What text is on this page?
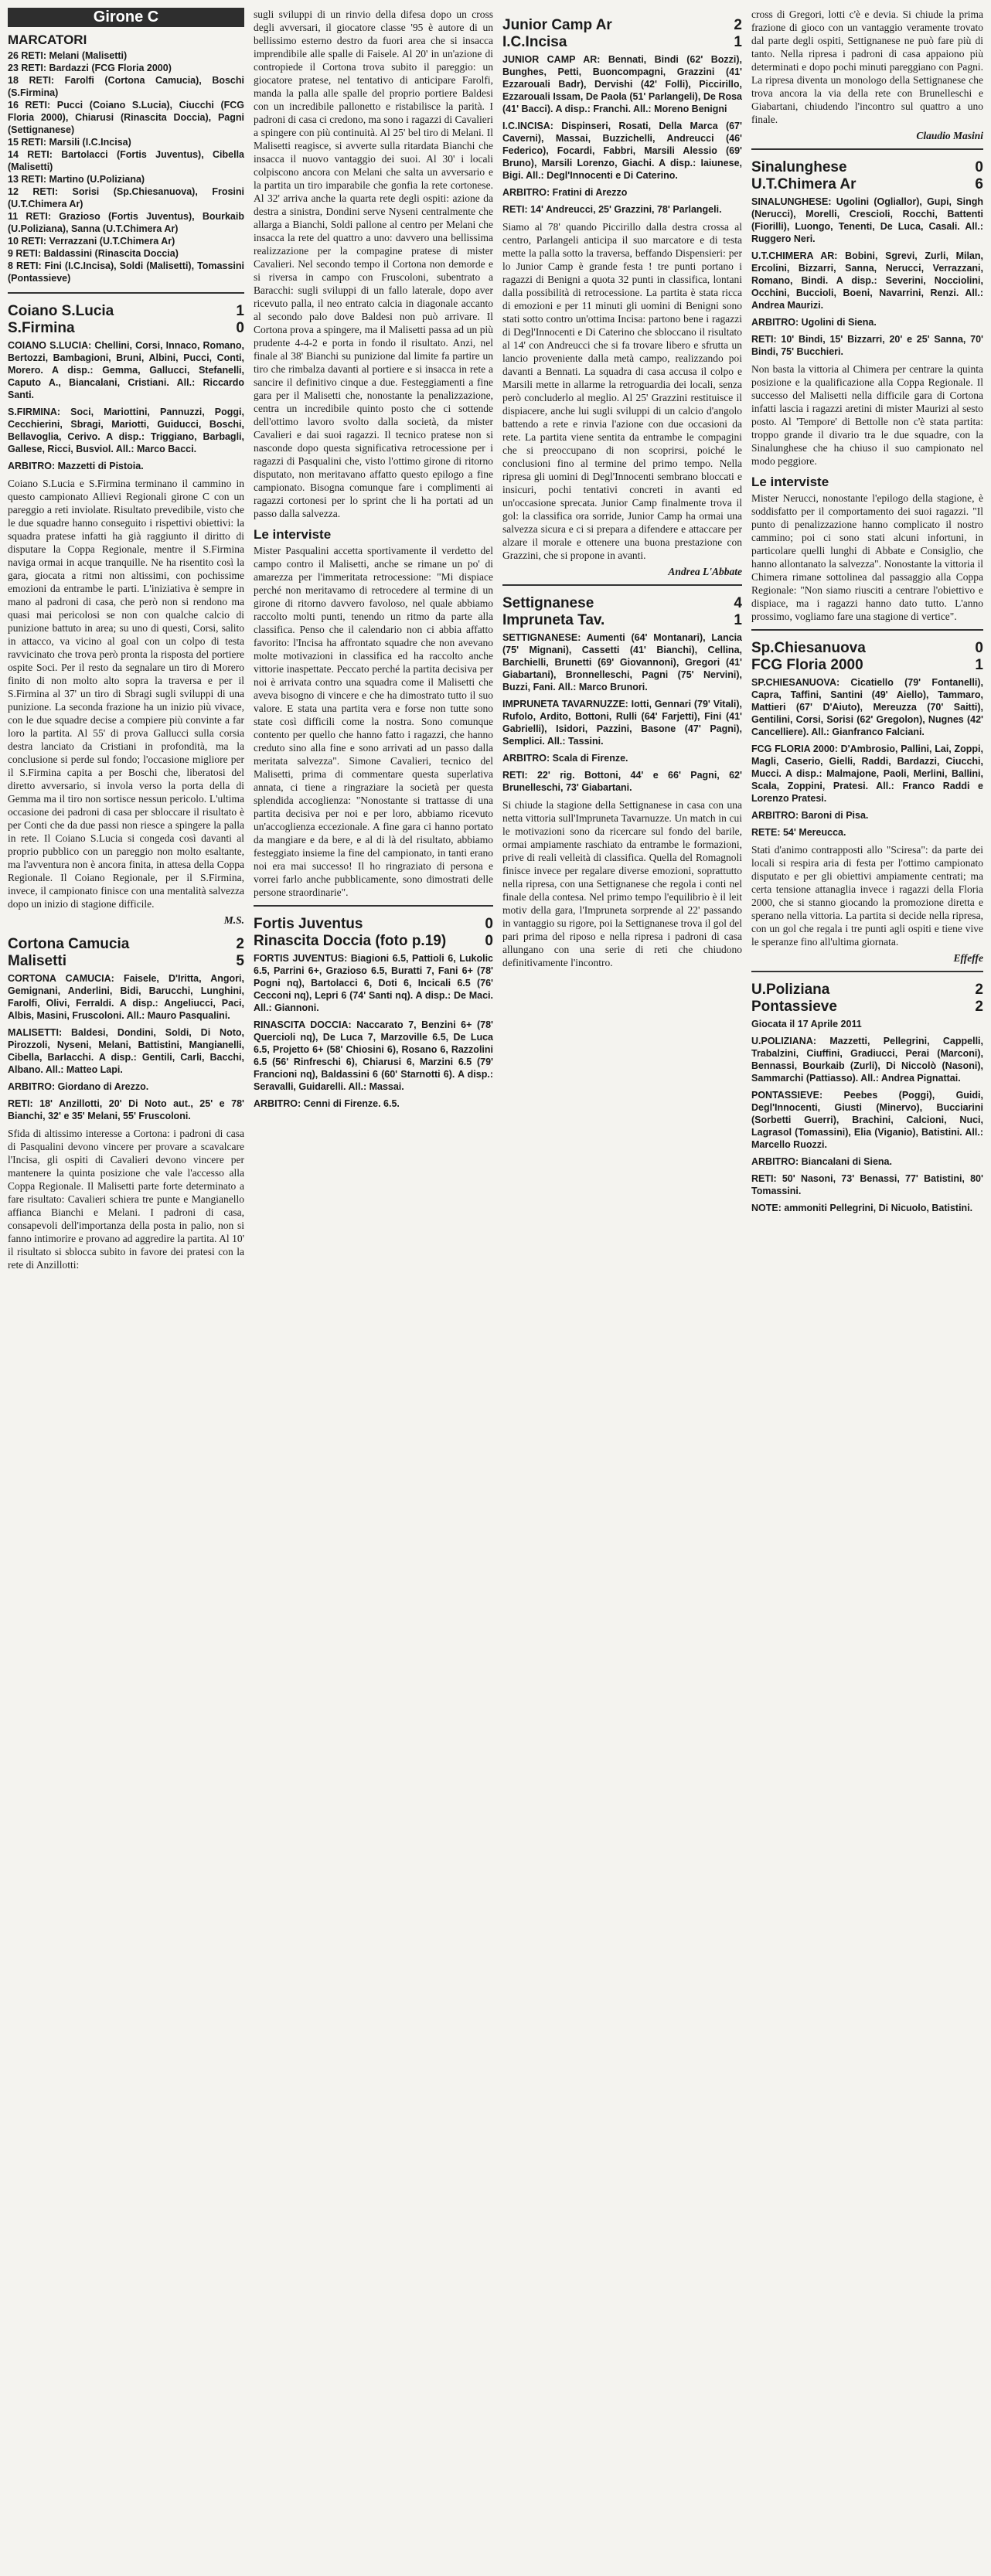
Girone C
MARCATORI

26 RETI: Melani (Malisetti)

23 RETI: Bardazzi (FCG Floria 2000)

18 RETI: Farolfi (Cortona Camucia), Boschi (S.Firmina)

16 RETI: Pucci (Coiano S.Lucia), Ciucchi (FCG Floria 2000), Chiarusi (Rinascita Doccia), Pagni (Settignanese)

15 RETI: Marsili (I.C.Incisa)

14 RETI: Bartolacci (Fortis Juventus), Cibella (Malisetti)

13 RETI: Martino (U.Poliziana)

12 RETI: Sorisi (Sp.Chiesanuova), Frosini (U.T.Chimera Ar)

11 RETI: Grazioso (Fortis Juventus), Bourkaib (U.Poliziana), Sanna (U.T.Chimera Ar)

10 RETI: Verrazzani (U.T.Chimera Ar)

9 RETI: Baldassini (Rinascita Doccia)

8 RETI: Fini (I.C.Incisa), Soldi (Malisetti), Tomassini (Pontassieve)

Coiano S.Lucia	1
S.Firmina	0
COIANO S.LUCIA: Chellini, Corsi, Innaco, Romano, Bertozzi, Bambagioni, Bruni, Albini, Pucci, Conti, Morero. A disp.: Gemma, Gallucci, Stefanelli, Caputo A., Biancalani, Cristiani. All.: Riccardo Santi.
S.FIRMINA: Soci, Mariottini, Pannuzzi, Poggi, Cecchierini, Sbragi, Mariotti, Guiducci, Boschi, Bellavoglia, Cerivo. A disp.: Triggiano, Barbagli, Gallese, Ricci, Busviol. All.: Marco Bacci.
ARBITRO: Mazzetti di Pistoia.

Coiano S.Lucia e S.Firmina terminano il cammino in questo campionato Allievi Regionali girone C con un pareggio a reti inviolate. Risultato prevedibile, visto che le due squadre hanno conseguito i rispettivi obiettivi: la squadra pratese infatti ha già raggiunto il diritto di disputare la Coppa Regionale, mentre il S.Firmina naviga ormai in acque tranquille. Ne ha risentito così la gara, giocata a ritmi non altissimi, con pochissime emozioni da entrambe le parti. L'iniziativa è sempre in mano al padroni di casa, che però non si rendono ma quasi mai pericolosi se non con qualche calcio di punizione battuto in area; su uno di questi, Corsi, salito in attacco, va vicino al goal con un colpo di testa ravvicinato che trova però pronta la risposta del portiere ospite Soci. Per il resto da segnalare un tiro di Morero finito di non molto alto sopra la traversa e per il S.Firmina al 37' un tiro di Sbragi sugli sviluppi di una punizione. La seconda frazione ha un inizio più vivace, con le due squadre decise a compiere più convinte a far loro la partita. Al 55' di prova Gallucci sulla corsia destra lanciato da Cristiani in profondità, ma la conclusione si perde sul fondo; l'occasione migliore per il S.Firmina capita a per Boschi che, liberatosi del diretto avversario, si invola verso la porta della di Gemma ma il tiro non sortisce nessun pericolo. L'ultima occasione dei padroni di casa per sbloccare il risultato è per Conti che da due passi non riesce a spingere la palla in rete. Il Coiano S.Lucia si congeda così davanti al proprio pubblico con un pareggio non molto esaltante, ma l'avventura non è ancora finita, in attesa della Coppa Regionale. Il Coiano Regionale, per il S.Firmina, invece, il campionato finisce con una mentalità salvezza dopo un inizio di stagione difficile.

M.S.
Cortona Camucia	2
Malisetti	5
CORTONA CAMUCIA: Faisele, D'Iritta, Angori, Gemignani, Anderlini, Bidi, Barucchi, Lunghini, Farolfi, Olivi, Ferraldi. A disp.: Angeliucci, Paci, Albis, Masini, Fruscoloni. All.: Mauro Pasqualini.
MALISETTI: Baldesi, Dondini, Soldi, Di Noto, Pirozzoli, Nyseni, Melani, Battistini, Mangianelli, Cibella, Barlacchi. A disp.: Gentili, Carli, Bacchi, Albano. All.: Matteo Lapi.
ARBITRO: Giordano di Arezzo.
RETI: 18' Anzillotti, 20' Di Noto aut., 25' e 78' Bianchi, 32' e 35' Melani, 55' Fruscoloni.

Sfida di altissimo interesse a Cortona: i padroni di casa di Pasqualini devono vincere per provare a scavalcare l'Incisa, gli ospiti di Cavalieri devono vincere per mantenere la quinta posizione che vale l'accesso alla Coppa Regionale. Il Malisetti parte forte determinato a fare risultato: Cavalieri schiera tre punte e Mangianello affianca Bianchi e Melani. I padroni di casa, consapevoli dell'importanza della posta in palio, non si fanno intimorire e provano ad aggredire la partita. Al 10' il risultato si sblocca subito in favore dei pratesi con la rete di Anzillotti:

sugli sviluppi di un rinvio della difesa dopo un cross degli avversari, il giocatore classe '95 è autore di un bellissimo esterno destro da fuori area che si insacca imprendibile alle spalle di Faisele. Al 20' in un'azione di contropiede il Cortona trova subito il pareggio: un giocatore pratese, nel tentativo di anticipare Farolfi, manda la palla alle spalle del proprio portiere Baldesi con un incredibile pallonetto e ristabilisce la parità. I padroni di casa ci credono, ma sono i ragazzi di Cavalieri a spingere con più continuità. Al 25' bel tiro di Melani. Il Malisetti reagisce, si avverte sulla ritardata Bianchi che insacca il nuovo vantaggio dei suoi. Al 30' i locali colpiscono ancora con Melani che salta un avversario e la partita un tiro imparabile che gonfia la rete cortonese. Al 32' arriva anche la quarta rete degli ospiti: azione da destra a sinistra, Dondini serve Nyseni centralmente che allarga a Bianchi, Soldi pallone al centro per Melani che insacca la rete del quattro a uno: davvero una bellissima realizzazione per la compagine pratese di mister Cavalieri. Nel secondo tempo il Cortona non demorde e si riversa in campo con Fruscoloni, subentrato a Baracchi: sugli sviluppi di un fallo laterale, dopo aver ricevuto palla, il neo entrato calcia in diagonale accanto al secondo palo dove Baldesi non può arrivare. Il Cortona prova a spingere, ma il Malisetti passa ad un più prudente 4-4-2 e porta in fondo il risultato. Anzi, nel finale al 38' Bianchi su punizione dal limite fa partire un tiro che rimbalza davanti al portiere e si insacca in rete a sancire il definitivo cinque a due. Festeggiamenti a fine gara per il Malisetti che, nonostante la penalizzazione, centra un incredibile quinto posto che ci sottende dell'ottimo lavoro svolto dalla società, da mister Cavalieri e dai suoi ragazzi. Il tecnico pratese non si nasconde dopo questa significativa retrocessione per i ragazzi di Pasqualini che, visto l'ottimo girone di ritorno disputato, non meritavano affatto questo epilogo a fine campionato. Bisogna comunque fare i complimenti ai ragazzi cortonesi per lo sprint che li ha portati ad un passo dalla salvezza.

Le interviste

Mister Pasqualini accetta sportivamente il verdetto del campo contro il Malisetti, anche se rimane un po' di amarezza per l'immeritata retrocessione: "Mi dispiace perché non meritavamo di retrocedere al termine di un girone di ritorno davvero favoloso, nel quale abbiamo raccolto molti punti, tenendo un ritmo da parte alla classifica. Penso che il calendario non ci abbia affatto favorito: l'Incisa ha affrontato squadre che non avevano molte motivazioni in classifica ed ha raccolto anche vittorie inaspettate. Peccato perché la partita decisiva per noi è arrivata contro una squadra come il Malisetti che aveva bisogno di vincere e che ha dimostrato tutto il suo valore. E stata una partita vera e forse non tutte sono state così difficili come la nostra. Sono comunque contento per quello che hanno fatto i ragazzi, che hanno creduto sino alla fine e sono arrivati ad un passo dalla meritata salvezza". Simone Cavalieri, tecnico del Malisetti, prima di commentare questa superlativa annata, ci tiene a ringraziare la società per questa splendida accoglienza: "Nonostante si trattasse di una partita decisiva per noi e per loro, abbiamo ricevuto un'accoglienza eccezionale. A fine gara ci hanno portato da mangiare e da bere, e al di là del risultato, abbiamo festeggiato insieme la fine del campionato, in tanti erano noi era mai successo! Il ho ringraziato di persona e vorrei farlo anche pubblicamente, sono dimostrati delle persone straordinarie".

Fortis Juventus	0
Rinascita Doccia (foto p.19)	0
FORTIS JUVENTUS: Biagioni 6.5, Pattioli 6, Lukolic 6.5, Parrini 6+, Grazioso 6.5, Buratti 7, Fani 6+ (78' Pogni nq), Bartolacci 6, Doti 6, Incicali 6.5 (76' Cecconi nq), Lepri 6 (74' Santi nq). A disp.: De Maci. All.: Giannoni.
RINASCITA DOCCIA: Naccarato 7, Benzini 6+ (78' Quercioli nq), De Luca 7, Marzoville 6.5, De Luca 6.5, Projetto 6+ (58' Chiosini 6), Rosano 6, Razzolini 6.5 (56' Rinfreschi 6), Chiarusi 6, Marzini 6.5 (79' Francioni nq), Baldassini 6 (60' Starnotti 6). A disp.: Seravalli, Guidarelli. All.: Massai.
ARBITRO: Cenni di Firenze. 6.5.
Junior Camp Ar	2
I.C.Incisa	1
JUNIOR CAMP AR: Bennati, Bindi (62' Bozzi), Bunghes, Petti, Buoncompagni, Grazzini (41' Ezzarouali Badr), Dervishi (42' Folli), Piccirillo, Ezzarouali Issam, De Paola (51' Parlangeli), De Rosa (41' Bacci). A disp.: Franchi. All.: Moreno Benigni
I.C.INCISA: Dispinseri, Rosati, Della Marca (67' Caverni), Massai, Buzzichelli, Andreucci (46' Federico), Focardi, Fabbri, Marsili Alessio (69' Bruno), Marsili Lorenzo, Giachi. A disp.: Iaiunese, Bigi. All.: Degl'Innocenti e Di Caterino.
ARBITRO: Fratini di Arezzo
RETI: 14' Andreucci, 25' Grazzini, 78' Parlangeli.

Siamo al 78' quando Piccirillo dalla destra crossa al centro, Parlangeli anticipa il suo marcatore e di testa mette la palla sotto la traversa, beffando Dispensieri: per lo Junior Camp è grande festa ! tre punti portano i ragazzi di Benigni a quota 32 punti in classifica, lontani dalla possibilità di retrocessione. La partita è stata ricca di emozioni e per 11 minuti gli uomini di Benigni sono stati sotto contro un'ottima Incisa: partono bene i ragazzi di Degl'Innocenti e Di Caterino che sbloccano il risultato al 14' con Andreucci che si fa trovare libero e sfrutta un lancio proveniente dalla metà campo, realizzando poi davanti a Bennati. La squadra di casa accusa il colpo e Marsili mette in allarme la retroguardia dei locali, senza però concluderlo al meglio. Al 25' Grazzini restituisce il dispiacere, anche lui sugli sviluppi di un calcio d'angolo battendo a rete e rinvia l'azione con due occasioni da rete. La partita viene sentita da entrambe le compagini che si preoccupano di non scoprirsi, poiché le conclusioni fino al termine del primo tempo. Nella ripresa gli uomini di Degl'Innocenti sembrano bloccati e insicuri, pochi tentativi concreti in avanti ed un'occasione sprecata. Junior Camp finalmente trova il gol: la classifica ora sorride, Junior Camp ha ormai una salvezza sicura e ci si prepara a difendere e attaccare per alzare il morale e ottenere una buona prestazione con Grazzini, che si propone in avanti.

Andrea L'Abbate
Settignanese	4
Impruneta Tav.	1
SETTIGNANESE: Aumenti (64' Montanari), Lancia (75' Mignani), Cassetti (41' Bianchi), Cellina, Barchielli, Brunetti (69' Giovannoni), Gregori (41' Giabartani), Bronnelleschi, Pagni (75' Nervini), Buzzi, Fani. All.: Marco Brunori.
IMPRUNETA TAVARNUZZE: Iotti, Gennari (79' Vitali), Rufolo, Ardito, Bottoni, Rulli (64' Farjetti), Fini (41' Gabrielli), Isidori, Pazzini, Basone (47' Pagni), Semplici. All.: Tassini.
ARBITRO: Scala di Firenze.
RETI: 22' rig. Bottoni, 44' e 66' Pagni, 62' Brunelleschi, 73' Giabartani.

Si chiude la stagione della Settignanese in casa con una netta vittoria sull'Impruneta Tavarnuzze. Un match in cui le motivazioni sono da ricercare sul fondo del barile, ormai ampiamente raschiato da entrambe le formazioni, prive di reali velleità di classifica. Quella del Romagnoli finisce invece per regalare diverse emozioni, soprattutto nella ripresa, con una Settignanese che regola i conti nel finale della contesa. Nel primo tempo l'equilibrio è il leit motiv della gara, l'Impruneta sorprende al 22' passando in vantaggio su rigore, poi la Settignanese trova il gol del pari prima del riposo e nella ripresa i padroni di casa allungano con una serie di reti che chiudono definitivamente l'incontro.

cross di Gregori, lotti c'è e devia. Si chiude la prima frazione di gioco con un vantaggio veramente trovato dal parte degli ospiti, Settignanese ne può fare più di tanto. Nella ripresa i padroni di casa appaiono più determinati e dopo pochi minuti pareggiano con Pagni. La ripresa diventa un monologo della Settignanese che trova ancora la via della rete con Brunelleschi e Giabartani, chiudendo l'incontro sul quattro a uno finale.

Claudio Masini
Sinalunghese	0
U.T.Chimera Ar	6
SINALUNGHESE: Ugolini (Ogliallor), Gupi, Singh (Nerucci), Morelli, Crescioli, Rocchi, Battenti (Fiorilli), Luongo, Tenenti, De Luca, Casali. All.: Ruggero Neri.
U.T.CHIMERA AR: Bobini, Sgrevi, Zurli, Milan, Ercolini, Bizzarri, Sanna, Nerucci, Verrazzani, Romano, Bindi. A disp.: Severini, Nocciolini, Occhini, Buccioli, Boeni, Navarrini, Renzi. All.: Andrea Maurizi.
ARBITRO: Ugolini di Siena.
RETI: 10' Bindi, 15' Bizzarri, 20' e 25' Sanna, 70' Bindi, 75' Bucchieri.

Non basta la vittoria al Chimera per centrare la quinta posizione e la qualificazione alla Coppa Regionale. Il successo del Malisetti nella difficile gara di Cortona infatti lascia i ragazzi aretini di mister Maurizi al sesto posto. Al 'Tempore' di Bettolle non c'è stata partita: troppo grande il divario tra le due squadre, con la Sinalunghese che ha chiuso il suo campionato nel modo peggiore.

Le interviste

Mister Nerucci, nonostante l'epilogo della stagione, è soddisfatto per il comportamento dei suoi ragazzi. "Il punto di penalizzazione hanno complicato il nostro cammino; poi ci sono stati alcuni infortuni, in particolare quelli lunghi di Abbate e Consiglio, che hanno allontanato la salvezza". Nonostante la vittoria il Chimera rimane sottolinea dal passaggio alla Coppa Regionale: "Non siamo riusciti a centrare l'obiettivo e dispiace, ma i ragazzi hanno dato tutto. L'anno prossimo, vogliamo fare una stagione di vertice".

Sp.Chiesanuova	0
FCG Floria 2000	1
SP.CHIESANUOVA: Cicatiello (79' Fontanelli), Capra, Taffini, Santini (49' Aiello), Tammaro, Mattieri (67' D'Aiuto), Mereuzza (70' Saitti), Gentilini, Corsi, Sorisi (62' Gregolon), Nugnes (42' Cancelliere). All.: Gianfranco Falciani.
FCG FLORIA 2000: D'Ambrosio, Pallini, Lai, Zoppi, Magli, Caserio, Gielli, Raddi, Bardazzi, Ciucchi, Mucci. A disp.: Malmajone, Paoli, Merlini, Ballini, Scala, Zoppini, Pratesi. All.: Franco Raddi e Lorenzo Pratesi.
ARBITRO: Baroni di Pisa.
RETE: 54' Mereucca.

Stati d'animo contrapposti allo "Sciresa": da parte dei locali si respira aria di festa per l'ottimo campionato disputato e per gli obiettivi ampiamente centrati; ma certa tensione attanaglia invece i ragazzi della Floria 2000, che si stanno giocando la promozione diretta e sperano nella vittoria. La partita si decide nella ripresa, con un gol che regala i tre punti agli ospiti e tiene vive le speranze fino all'ultima giornata.

Effeffe
U.Poliziana	2
Pontassieve	2
Giocata il 17 Aprile 2011
U.POLIZIANA: Mazzetti, Pellegrini, Cappelli, Trabalzini, Ciuffini, Gradiucci, Perai (Marconi), Bennassi, Bourkaib (Zurli), Di Niccolò (Nasoni), Sammarchi (Pattiasso). All.: Andrea Pignattai.
PONTASSIEVE: Peebes (Poggi), Guidi, Degl'Innocenti, Giusti (Minervo), Bucciarini (Sorbetti Guerri), Brachini, Calcioni, Nuci, Lagrasol (Tomassini), Elia (Viganio), Batistini. All.: Marcello Ruozzi.
ARBITRO: Biancalani di Siena.
RETI: 50' Nasoni, 73' Benassi, 77' Batistini, 80' Tomassini.
NOTE: ammoniti Pellegrini, Di Nicuolo, Batistini.
